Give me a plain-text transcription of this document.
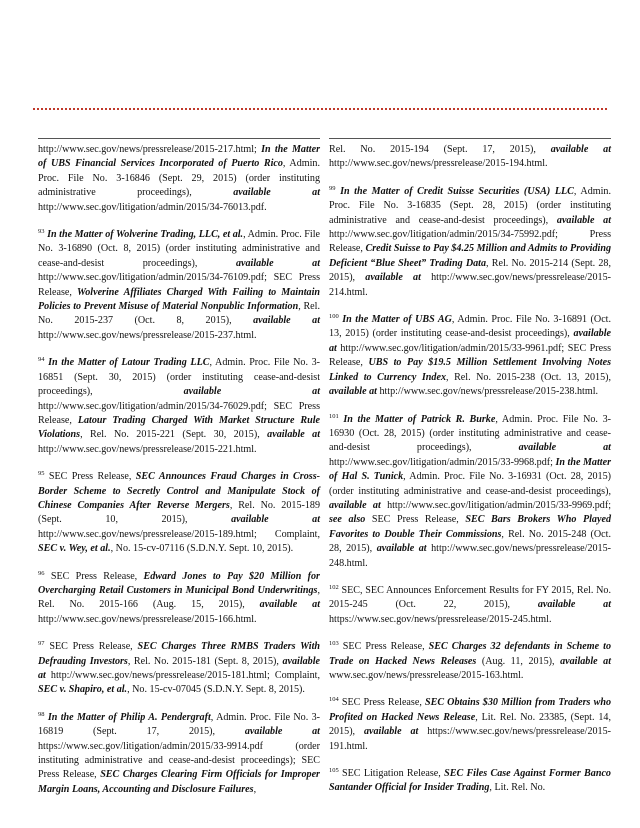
http://www.sec.gov/news/pressrelease/2015-217.html; In the Matter of UBS Financial Services Incorporated of Puerto Rico, Admin. Proc. File No. 3-16846 (Sept. 29, 2015) (order instituting administrative proceedings), available at http://www.sec.gov/litigation/admin/2015/34-76013.pdf.

$^{93}$ In the Matter of Wolverine Trading, LLC, et al., Admin. Proc. File No. 3-16890 (Oct. 8, 2015) (order instituting administrative and cease-and-desist proceedings), available at http://www.sec.gov/litigation/admin/2015/34-76109.pdf; SEC Press Release, Wolverine Affiliates Charged With Failing to Maintain Policies to Prevent Misuse of Material Nonpublic Information, Rel. No. 2015-237 (Oct. 8, 2015), available at http://www.sec.gov/news/pressrelease/2015-237.html.

$^{94}$ In the Matter of Latour Trading LLC, Admin. Proc. File No. 3-16851 (Sept. 30, 2015) (order instituting cease-and-desist proceedings), available at http://www.sec.gov/litigation/admin/2015/34-76029.pdf; SEC Press Release, Latour Trading Charged With Market Structure Rule Violations, Rel. No. 2015-221 (Sept. 30, 2015), available at http://www.sec.gov/news/pressrelease/2015-221.html.

$^{95}$ SEC Press Release, SEC Announces Fraud Charges in Cross-Border Scheme to Secretly Control and Manipulate Stock of Chinese Companies After Reverse Mergers, Rel. No. 2015-189 (Sept. 10, 2015), available at http://www.sec.gov/news/pressrelease/2015-189.html; Complaint, SEC v. Wey, et al., No. 15-cv-07116 (S.D.N.Y. Sept. 10, 2015).

$^{96}$ SEC Press Release, Edward Jones to Pay $20 Million for Overcharging Retail Customers in Municipal Bond Underwritings, Rel. No. 2015-166 (Aug. 15, 2015), available at http://www.sec.gov/news/pressrelease/2015-166.html.

$^{97}$ SEC Press Release, SEC Charges Three RMBS Traders With Defrauding Investors, Rel. No. 2015-181 (Sept. 8, 2015), available at http://www.sec.gov/news/pressrelease/2015-181.html; Complaint, SEC v. Shapiro, et al., No. 15-cv-07045 (S.D.N.Y. Sept. 8, 2015).

$^{98}$ In the Matter of Philip A. Pendergraft, Admin. Proc. File No. 3-16819 (Sept. 17, 2015), available at https://www.sec.gov/litigation/admin/2015/33-9914.pdf (order instituting administrative and cease-and-desist proceedings); SEC Press Release, SEC Charges Clearing Firm Officials for Improper Margin Loans, Accounting and Disclosure Failures,

Rel. No. 2015-194 (Sept. 17, 2015), available at http://www.sec.gov/news/pressrelease/2015-194.html.

$^{99}$ In the Matter of Credit Suisse Securities (USA) LLC, Admin. Proc. File No. 3-16835 (Sept. 28, 2015) (order instituting administrative and cease-and-desist proceedings), available at http://www.sec.gov/litigation/admin/2015/34-75992.pdf; Press Release, Credit Suisse to Pay $4.25 Million and Admits to Providing Deficient “Blue Sheet” Trading Data, Rel. No. 2015-214 (Sept. 28, 2015), available at http://www.sec.gov/news/pressrelease/2015-214.html.

$^{100}$ In the Matter of UBS AG, Admin. Proc. File No. 3-16891 (Oct. 13, 2015) (order instituting cease-and-desist proceedings), available at http://www.sec.gov/litigation/admin/2015/33-9961.pdf; SEC Press Release, UBS to Pay $19.5 Million Settlement Involving Notes Linked to Currency Index, Rel. No. 2015-238 (Oct. 13, 2015), available at http://www.sec.gov/news/pressrelease/2015-238.html.

$^{101}$ In the Matter of Patrick R. Burke, Admin. Proc. File No. 3-16930 (Oct. 28, 2015) (order instituting administrative and cease-and-desist proceedings), available at http://www.sec.gov/litigation/admin/2015/33-9968.pdf; In the Matter of Hal S. Tunick, Admin. Proc. File No. 3-16931 (Oct. 28, 2015) (order instituting administrative and cease-and-desist proceedings), available at http://www.sec.gov/litigation/admin/2015/33-9969.pdf; see also SEC Press Release, SEC Bars Brokers Who Played Favorites to Double Their Commissions, Rel. No. 2015-248 (Oct. 28, 2015), available at http://www.sec.gov/news/pressrelease/2015-248.html.

$^{102}$ SEC, SEC Announces Enforcement Results for FY 2015, Rel. No. 2015-245 (Oct. 22, 2015), available at https://www.sec.gov/news/pressrelease/2015-245.html.

$^{103}$ SEC Press Release, SEC Charges 32 defendants in Scheme to Trade on Hacked News Releases (Aug. 11, 2015), available at www.sec.gov/news/pressrelease/2015-163.html.

$^{104}$ SEC Press Release, SEC Obtains $30 Million from Traders who Profited on Hacked News Release, Lit. Rel. No. 23385, (Sept. 14, 2015), available at https://www.sec.gov/news/pressrelease/2015-191.html.

$^{105}$ SEC Litigation Release, SEC Files Case Against Former Banco Santander Official for Insider Trading, Lit. Rel. No.
